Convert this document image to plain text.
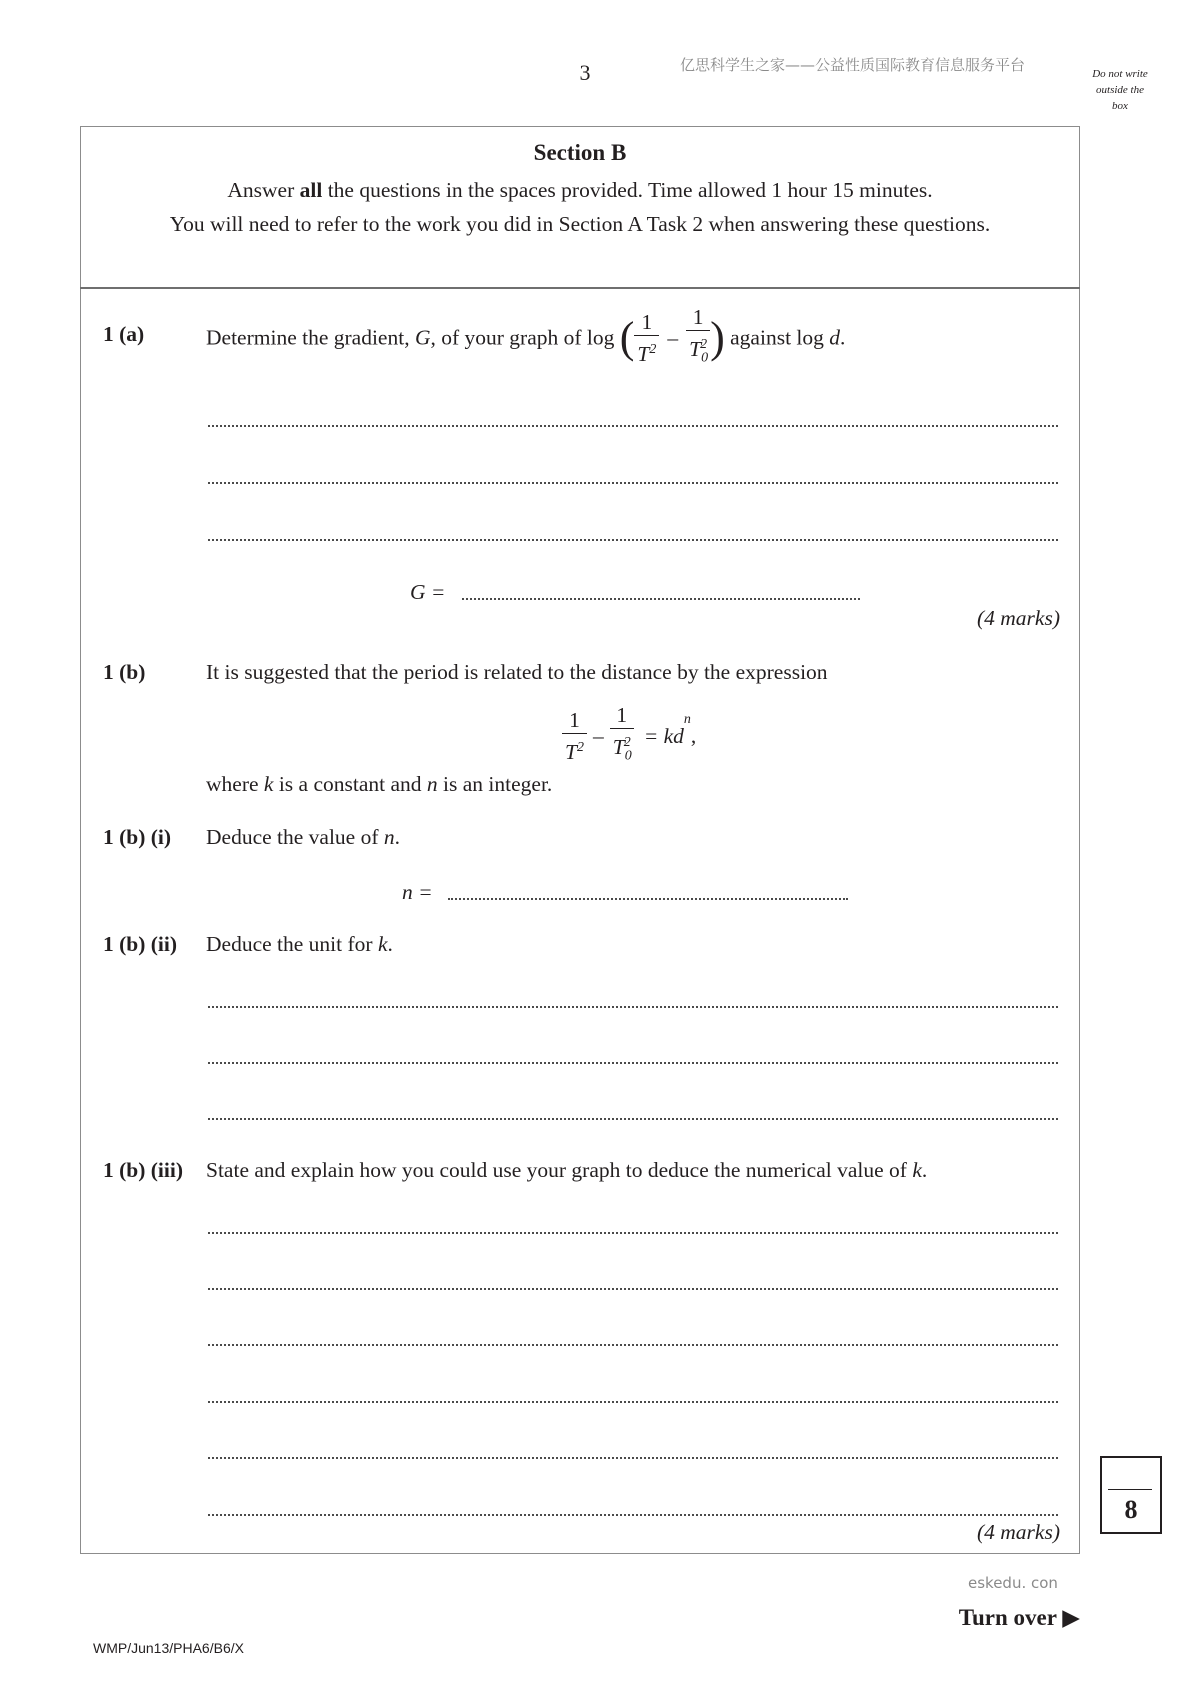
3	亿思科学生之家——公益性质国际教育信息服务平台	Do not write
outside the
box
Section B
Answer all the questions in the spaces provided. Time allowed 1 hour 15 minutes.
You will need to refer to the work you did in Section A Task 2 when answering these questions.
1 (a)	Determine the gradient, G, of your graph of log ( $\frac{1}{T^2} - \frac{1}{T_0^2}$ ) against log d.
G =
(4 marks)
1 (b)	It is suggested that the period is related to the distance by the expression
$\frac{1}{T^2} - \frac{1}{T_0^2} = kd^n$,
where k is a constant and n is an integer.
1 (b) (i) Deduce the value of n.
n =
1 (b) (ii) Deduce the unit for k.
1 (b) (iii) State and explain how you could use your graph to deduce the numerical value of k.
(4 marks)
8
eskedu. con
Turn over ▶
WMP/Jun13/PHA6/B6/X
